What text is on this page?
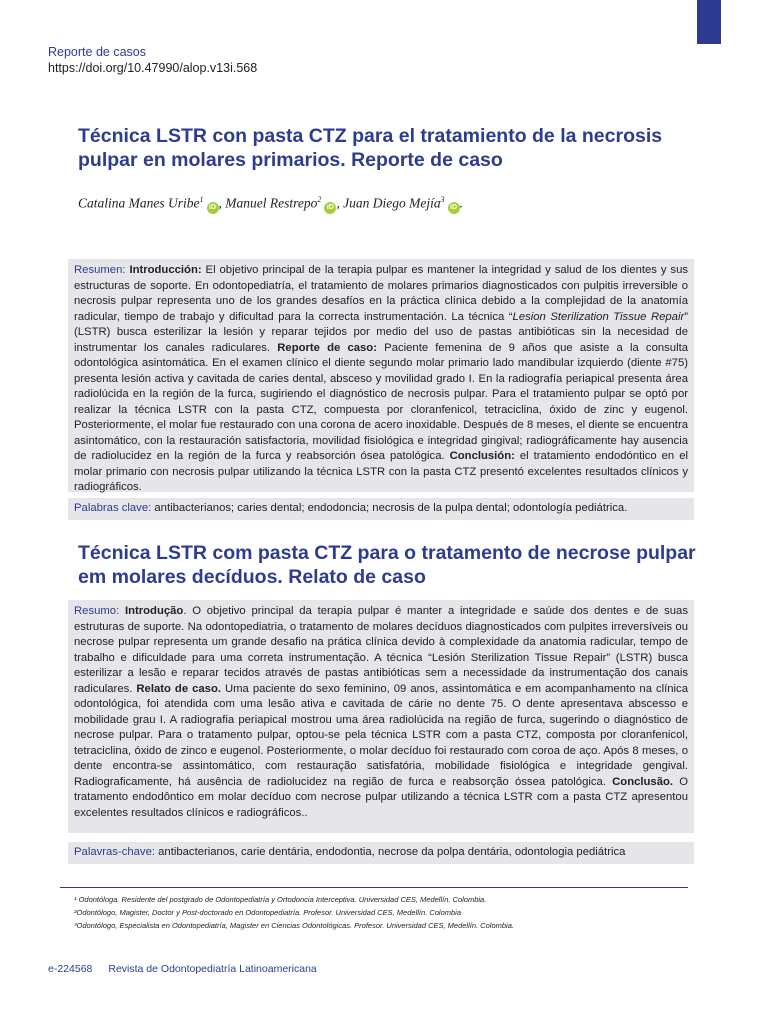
Reporte de casos
https://doi.org/10.47990/alop.v13i.568
Técnica LSTR con pasta CTZ para el tratamiento de la necrosis pulpar en molares primarios. Reporte de caso
Catalina Manes Uribe$^1$iD , Manuel Restrepo$^2$iD , Juan Diego Mejía$^3$iD .
Resumen: Introducción: El objetivo principal de la terapia pulpar es mantener la integridad y salud de los dientes y sus estructuras de soporte. En odontopediatría, el tratamiento de molares primarios diagnosticados con pulpitis irreversible o necrosis pulpar representa uno de los grandes desafíos en la práctica clínica debido a la complejidad de la anatomía radicular, tiempo de trabajo y dificultad para la correcta instrumentación. La técnica “Lesion Sterilization Tissue Repair” (LSTR) busca esterilizar la lesión y reparar tejidos por medio del uso de pastas antibióticas sin la necesidad de instrumentar los canales radiculares. Reporte de caso: Paciente femenina de 9 años que asiste a la consulta odontológica asintomática. En el examen clínico el diente segundo molar primario lado mandibular izquierdo (diente #75) presenta lesión activa y cavitada de caries dental, absceso y movilidad grado I. En la radiografía periapical presenta área radiolúcida en la región de la furca, sugiriendo el diagnóstico de necrosis pulpar. Para el tratamiento pulpar se optó por realizar la técnica LSTR con la pasta CTZ, compuesta por cloranfenicol, tetraciclina, óxido de zinc y eugenol. Posteriormente, el molar fue restaurado con una corona de acero inoxidable. Después de 8 meses, el diente se encuentra asintomático, con la restauración satisfactoria, movilidad fisiológica e integridad gingival; radiográficamente hay ausencia de radiolucidez en la región de la furca y reabsorción ósea patológica. Conclusión: el tratamiento endodóntico en el molar primario con necrosis pulpar utilizando la técnica LSTR con la pasta CTZ presentó excelentes resultados clínicos y radiográficos.
Palabras clave: antibacterianos; caries dental; endodoncia; necrosis de la pulpa dental; odontología pediátrica.
Técnica LSTR com pasta CTZ para o tratamento de necrose pulpar em molares decíduos. Relato de caso
Resumo: Introdução. O objetivo principal da terapia pulpar é manter a integridade e saúde dos dentes e de suas estruturas de suporte. Na odontopediatria, o tratamento de molares decíduos diagnosticados com pulpites irreversíveis ou necrose pulpar representa um grande desafio na prática clínica devido à complexidade da anatomia radicular, tempo de trabalho e dificuldade para uma correta instrumentação. A técnica “Lesión Sterilization Tissue Repair” (LSTR) busca esterilizar a lesão e reparar tecidos através de pastas antibióticas sem a necessidade da instrumentação dos canais radiculares. Relato de caso. Uma paciente do sexo feminino, 09 anos, assintomática e em acompanhamento na clínica odontológica, foi atendida com uma lesão ativa e cavitada de cárie no dente 75. O dente apresentava abscesso e mobilidade grau I. A radiografia periapical mostrou uma área radiolúcida na região de furca, sugerindo o diagnóstico de necrose pulpar. Para o tratamento pulpar, optou-se pela técnica LSTR com a pasta CTZ, composta por cloranfenicol, tetraciclina, óxido de zinco e eugenol. Posteriormente, o molar decíduo foi restaurado com coroa de aço. Após 8 meses, o dente encontra-se assintomático, com restauração satisfatória, mobilidade fisiológica e integridade gengival. Radiograficamente, há ausência de radiolucidez na região de furca e reabsorção óssea patológica. Conclusão. O tratamento endodôntico em molar decíduo com necrose pulpar utilizando a técnica LSTR com a pasta CTZ apresentou excelentes resultados clínicos e radiográficos..
Palavras-chave: antibacterianos, carie dentária, endodontia, necrose da polpa dentária, odontologia pediátrica
¹ Odontóloga. Residente del postgrado de Odontopediatría y Ortodoncia Interceptiva. Universidad CES, Medellín. Colombia.
²Odontólogo, Magister, Doctor y Post-doctorado en Odontopediatría. Profesor. Universidad CES, Medellín. Colombia
³Odontólogo, Especialista en Odontopediatría, Magister en Ciencias Odontológicas. Profesor. Universidad CES, Medellín. Colombia.
e-224568 Revista de Odontopediatría Latinoamericana
